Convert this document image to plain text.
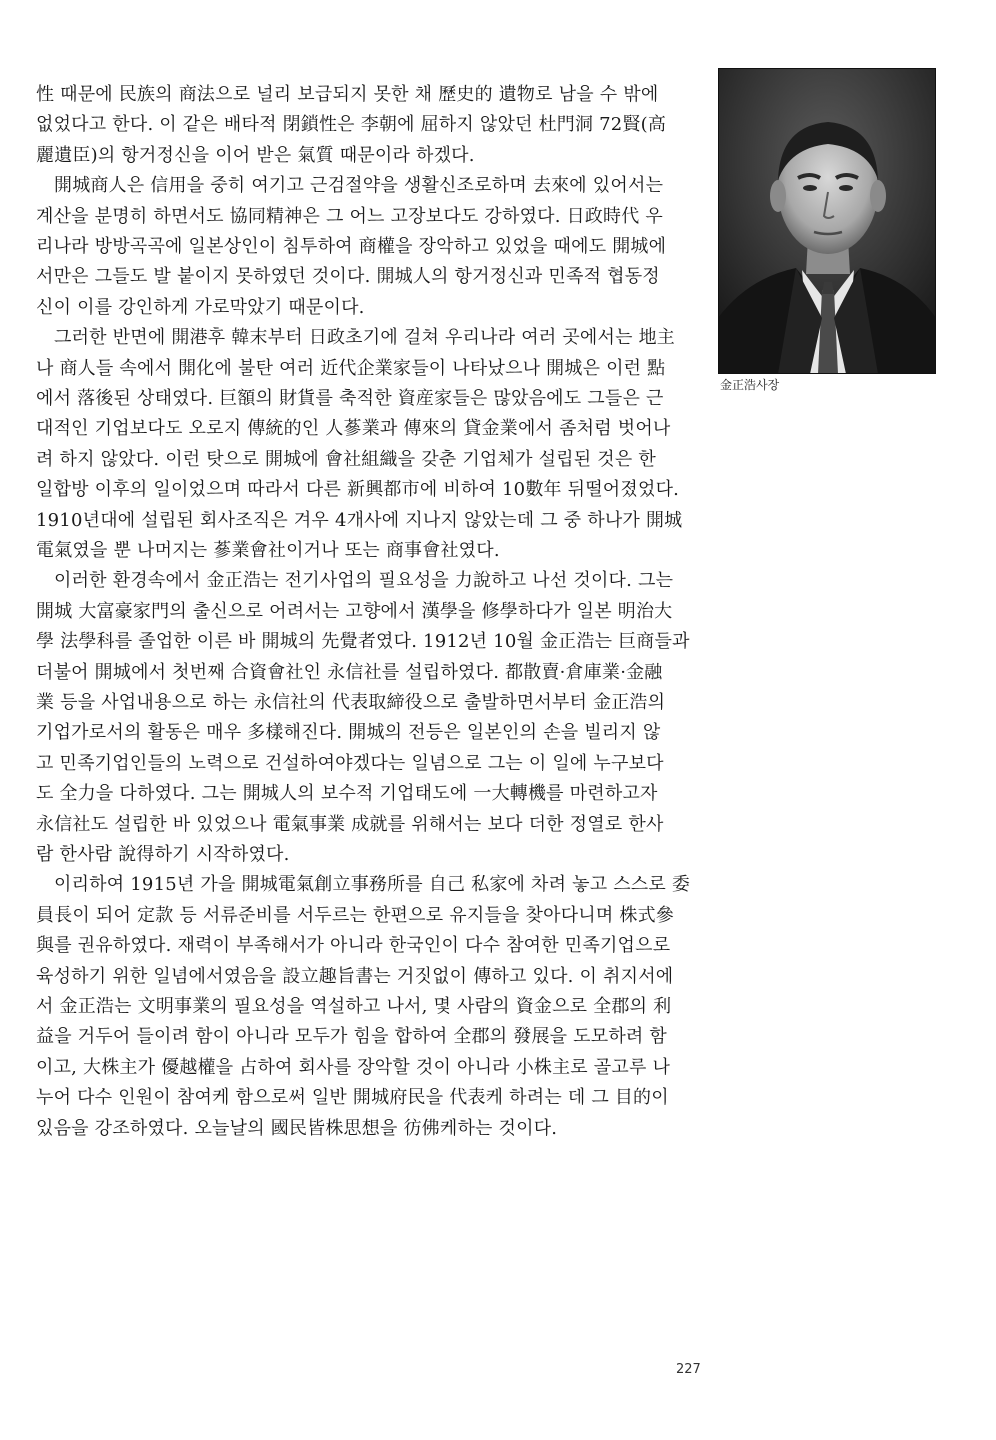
性 때문에 民族의 商法으로 널리 보급되지 못한 채 歷史的 遺物로 남을 수 밖에
없었다고 한다. 이 같은 배타적 閉鎖性은 李朝에 屈하지 않았던 杜門洞 72賢(高
麗遺臣)의 항거정신을 이어 받은 氣質 때문이라 하겠다.
開城商人은 信用을 중히 여기고 근검절약을 생활신조로하며 去來에 있어서는
계산을 분명히 하면서도 協同精神은 그 어느 고장보다도 강하였다. 日政時代 우
리나라 방방곡곡에 일본상인이 침투하여 商權을 장악하고 있었을 때에도 開城에
서만은 그들도 발 붙이지 못하였던 것이다. 開城人의 항거정신과 민족적 협동정
신이 이를 강인하게 가로막았기 때문이다.
그러한 반면에 開港후 韓末부터 日政초기에 걸쳐 우리나라 여러 곳에서는 地主
나 商人들 속에서 開化에 불탄 여러 近代企業家들이 나타났으나 開城은 이런 點
에서 落後된 상태였다. 巨額의 財貨를 축적한 資産家들은 많았음에도 그들은 근
대적인 기업보다도 오로지 傳統的인 人蔘業과 傳來의 貸金業에서 좀처럼 벗어나
려 하지 않았다. 이런 탓으로 開城에 會社組織을 갖춘 기업체가 설립된 것은 한
일합방 이후의 일이었으며 따라서 다른 新興都市에 비하여 10數年 뒤떨어졌었다.
1910년대에 설립된 회사조직은 겨우 4개사에 지나지 않았는데 그 중 하나가 開城
電氣였을 뿐 나머지는 蔘業會社이거나 또는 商事會社였다.
이러한 환경속에서 金正浩는 전기사업의 필요성을 力說하고 나선 것이다. 그는
開城 大富豪家門의 출신으로 어려서는 고향에서 漢學을 修學하다가 일본 明治大
學 法學科를 졸업한 이른 바 開城의 先覺者였다. 1912년 10월 金正浩는 巨商들과
더불어 開城에서 첫번째 合資會社인 永信社를 설립하였다. 都散賣·倉庫業·金融
業 등을 사업내용으로 하는 永信社의 代表取締役으로 출발하면서부터 金正浩의
기업가로서의 활동은 매우 多樣해진다. 開城의 전등은 일본인의 손을 빌리지 않
고 민족기업인들의 노력으로 건설하여야겠다는 일념으로 그는 이 일에 누구보다
도 全力을 다하였다. 그는 開城人의 보수적 기업태도에 一大轉機를 마련하고자
永信社도 설립한 바 있었으나 電氣事業 成就를 위해서는 보다 더한 정열로 한사
람 한사람 說得하기 시작하였다.
이리하여 1915년 가을 開城電氣創立事務所를 自己 私家에 차려 놓고 스스로 委
員長이 되어 定款 등 서류준비를 서두르는 한편으로 유지들을 찾아다니며 株式參
與를 권유하였다. 재력이 부족해서가 아니라 한국인이 다수 참여한 민족기업으로
육성하기 위한 일념에서였음을 設立趣旨書는 거짓없이 傳하고 있다. 이 취지서에
서 金正浩는 文明事業의 필요성을 역설하고 나서, 몇 사람의 資金으로 全郡의 利
益을 거두어 들이려 함이 아니라 모두가 힘을 합하여 全郡의 發展을 도모하려 함
이고, 大株主가 優越權을 占하여 회사를 장악할 것이 아니라 小株主로 골고루 나
누어 다수 인원이 참여케 함으로써 일반 開城府民을 代表케 하려는 데 그 目的이
있음을 강조하였다. 오늘날의 國民皆株思想을 彷佛케하는 것이다.
金正浩사장
227
